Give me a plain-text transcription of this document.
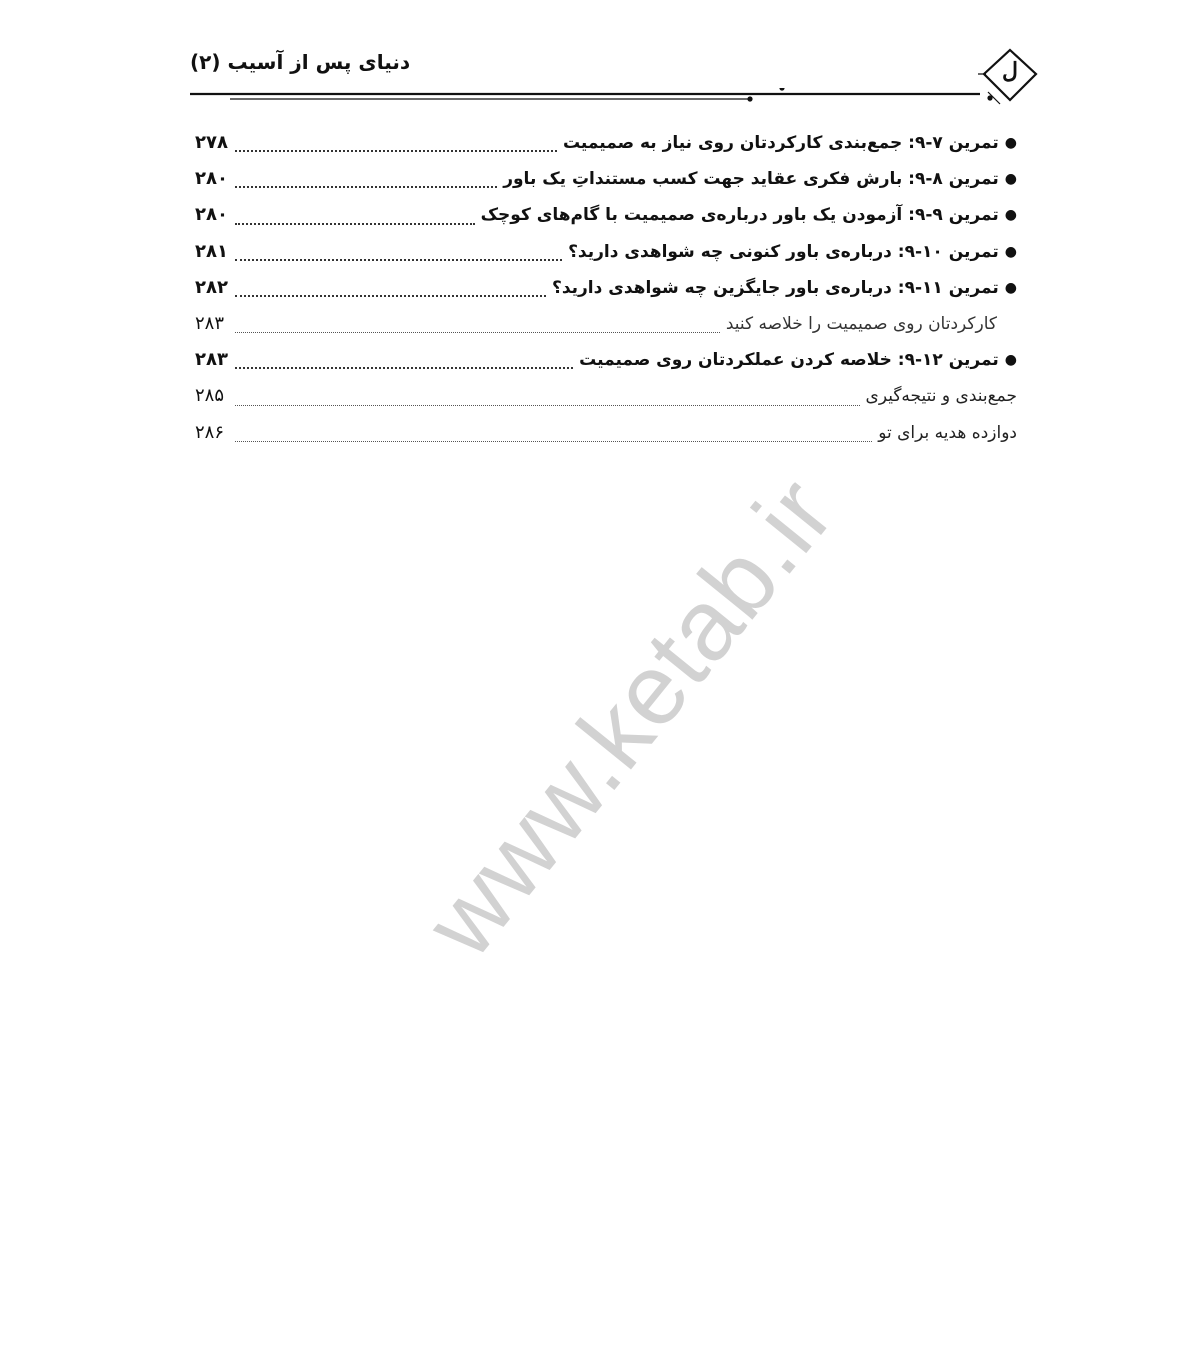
دنیای پس از آسیب (۲)	ل
●
تمرین ۷-۹: جمع‌بندی کارکردتان روی نیاز به صمیمیت
۲۷۸
●
تمرین ۸-۹: بارش فکری عقاید جهت کسب مستنداتِ یک باور
۲۸۰
●
تمرین ۹-۹: آزمودن یک باور درباره‌ی صمیمیت با گام‌های کوچک
۲۸۰
●
تمرین ۱۰-۹: درباره‌ی باور کنونی چه شواهدی دارید؟
۲۸۱
●
تمرین ۱۱-۹: درباره‌ی باور جایگزین چه شواهدی دارید؟
۲۸۲
کارکردتان روی صمیمیت را خلاصه کنید
۲۸۳
●
تمرین ۱۲-۹: خلاصه کردن عملکردتان روی صمیمیت
۲۸۳
جمع‌بندی و نتیجه‌گیری
۲۸۵
دوازده هدیه برای تو
۲۸۶
www.ketab.ir
